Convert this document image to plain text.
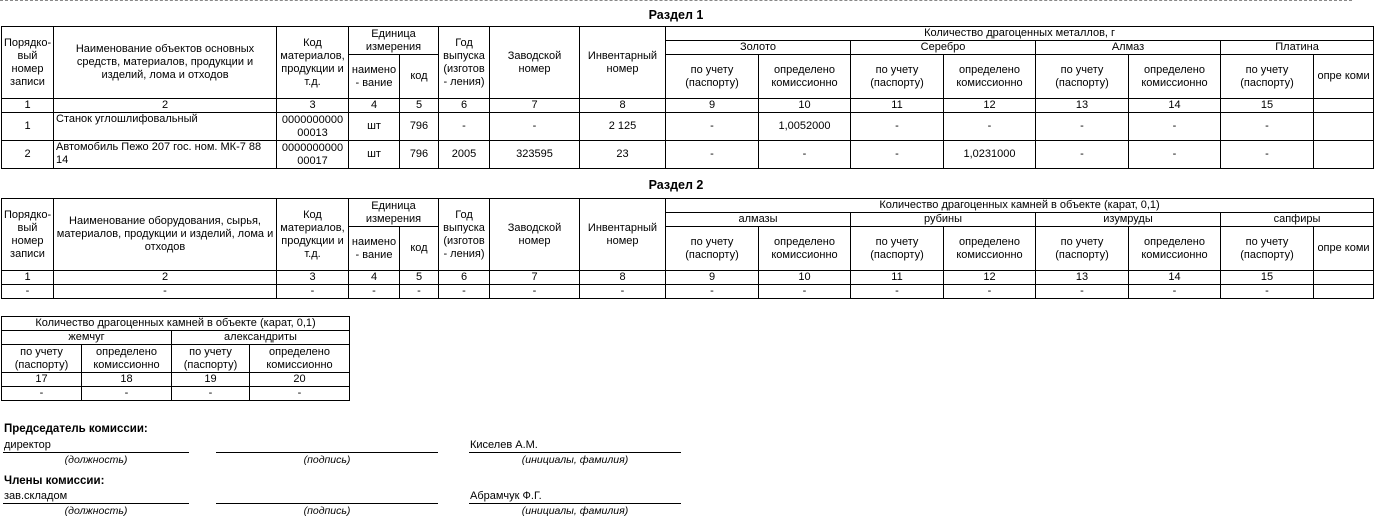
Раздел 1
Порядко-вый номер записи	Наименование объектов основных средств, материалов, продукции и изделий, лома и отходов	Код материалов, продукции и т.д.	Единица измерения		Год выпуска (изготов - ления)	Заводской номер	Инвентарный номер	Количество драгоценных металлов, г							
								Золото		Серебро		Алмаз		Платина	
			наимено - вание	код				по учету (паспорту)	определено комиссионно	по учету (паспорту)	определено комиссионно	по учету (паспорту)	определено комиссионно	по учету (паспорту)	опре коми
1	2	3	4	5	6	7	8	9	10	11	12	13	14	15	
1	Станок углошлифовальный	000000000000013	шт	796	-	-	2 125	-	1,0052000	-	-	-	-	-	
2	Автомобиль Пежо 207 гос. ном. МК-7 88 14	000000000000017	шт	796	2005	323595	23	-	-	-	1,0231000	-	-	-	
Раздел 2
Порядко-вый номер записи	Наименование оборудования, сырья, материалов, продукции и изделий, лома и отходов	Код материалов, продукции и т.д.	Единица измерения		Год выпуска (изготов - ления)	Заводской номер	Инвентарный номер	Количество драгоценных камней в объекте (карат, 0,1)							
								алмазы		рубины		изумруды		сапфиры	
			наимено - вание	код				по учету (паспорту)	определено комиссионно	по учету (паспорту)	определено комиссионно	по учету (паспорту)	определено комиссионно	по учету (паспорту)	опре коми
1	2	3	4	5	6	7	8	9	10	11	12	13	14	15	
-	-	-	-	-	-	-	-	-	-	-	-	-	-	-	
Количество драгоценных камней в объекте (карат, 0,1)			
жемчуг		александриты	
по учету (паспорту)	определено комиссионно	по учету (паспорту)	определено комиссионно
17	18	19	20
-	-	-	-
Председатель комиссии:
директор	Киселев А.М.
(должность)	(подпись)	(инициалы, фамилия)
Члены комиссии:
зав.складом	Абрамчук Ф.Г.
(должность)	(подпись)	(инициалы, фамилия)
